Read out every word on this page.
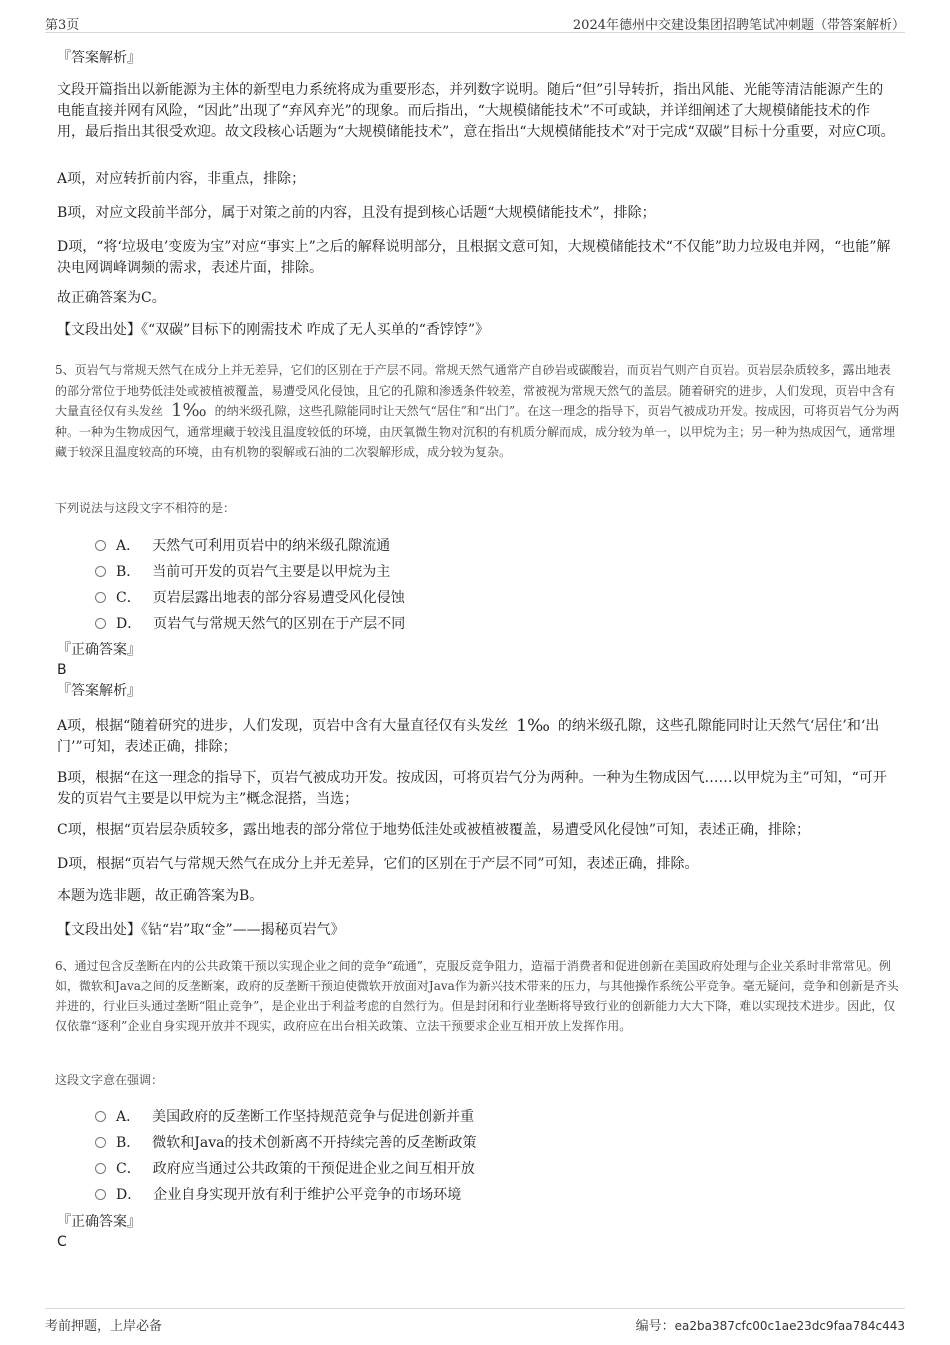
第3页	2024年德州中交建设集团招聘笔试冲刺题（带答案解析）
『答案解析』
文段开篇指出以新能源为主体的新型电力系统将成为重要形态，并列数字说明。随后“但”引导转折，指出风能、光能等清洁能源产生的电能直接并网有风险，“因此”出现了“弃风弃光”的现象。而后指出，“大规模储能技术”不可或缺，并详细阐述了大规模储能技术的作用，最后指出其很受欢迎。故文段核心话题为“大规模储能技术”，意在指出“大规模储能技术”对于完成“双碳”目标十分重要，对应C项。
A项，对应转折前内容，非重点，排除；
B项，对应文段前半部分，属于对策之前的内容，且没有提到核心话题“大规模储能技术”，排除；
D项，“将‘垃圾电’变废为宝”对应“事实上”之后的解释说明部分，且根据文意可知，大规模储能技术“不仅能”助力垃圾电并网，“也能”解决电网调峰调频的需求，表述片面，排除。
故正确答案为C。
【文段出处】《“双碳”目标下的刚需技术 咋成了无人买单的“香饽饽”》
5、页岩气与常规天然气在成分上并无差异，它们的区别在于产层不同。常规天然气通常产自砂岩或碳酸岩，而页岩气则产自页岩。页岩层杂质较多，露出地表的部分常位于地势低洼处或被植被覆盖，易遭受风化侵蚀，且它的孔隙和渗透条件较差，常被视为常规天然气的盖层。随着研究的进步，人们发现，页岩中含有大量直径仅有头发丝 1‰ 的纳米级孔隙，这些孔隙能同时让天然气“居住”和“出门”。在这一理念的指导下，页岩气被成功开发。按成因，可将页岩气分为两种。一种为生物成因气，通常埋藏于较浅且温度较低的环境，由厌氧微生物对沉积的有机质分解而成，成分较为单一，以甲烷为主；另一种为热成因气，通常埋藏于较深且温度较高的环境，由有机物的裂解或石油的二次裂解形成，成分较为复杂。
下列说法与这段文字不相符的是：
A． 天然气可利用页岩中的纳米级孔隙流通
B． 当前可开发的页岩气主要是以甲烷为主
C． 页岩层露出地表的部分容易遭受风化侵蚀
D． 页岩气与常规天然气的区别在于产层不同
『正确答案』
B
『答案解析』
A项，根据“随着研究的进步，人们发现，页岩中含有大量直径仅有头发丝 1‰ 的纳米级孔隙，这些孔隙能同时让天然气‘居住’和‘出门’”可知，表述正确，排除；
B项，根据“在这一理念的指导下，页岩气被成功开发。按成因，可将页岩气分为两种。一种为生物成因气……以甲烷为主”可知，“可开发的页岩气主要是以甲烷为主”概念混搭，当选；
C项，根据“页岩层杂质较多，露出地表的部分常位于地势低洼处或被植被覆盖，易遭受风化侵蚀”可知，表述正确，排除；
D项，根据“页岩气与常规天然气在成分上并无差异，它们的区别在于产层不同”可知，表述正确，排除。
本题为选非题，故正确答案为B。
【文段出处】《钻“岩”取“金”——揭秘页岩气》
6、通过包含反垄断在内的公共政策干预以实现企业之间的竞争“疏通”，克服反竞争阻力，造福于消费者和促进创新在美国政府处理与企业关系时非常常见。例如，微软和Java之间的反垄断案，政府的反垄断干预迫使微软开放面对Java作为新兴技术带来的压力，与其他操作系统公平竞争。毫无疑问，竞争和创新是齐头并进的，行业巨头通过垄断“阻止竞争”，是企业出于利益考虑的自然行为。但是封闭和行业垄断将导致行业的创新能力大大下降，难以实现技术进步。因此，仅仅依靠“逐利”企业自身实现开放并不现实，政府应在出台相关政策、立法干预要求企业互相开放上发挥作用。
这段文字意在强调：
A． 美国政府的反垄断工作坚持规范竞争与促进创新并重
B． 微软和Java的技术创新离不开持续完善的反垄断政策
C． 政府应当通过公共政策的干预促进企业之间互相开放
D． 企业自身实现开放有利于维护公平竞争的市场环境
『正确答案』
C
考前押题，上岸必备	编号：ea2ba387cfc00c1ae23dc9faa784c443
